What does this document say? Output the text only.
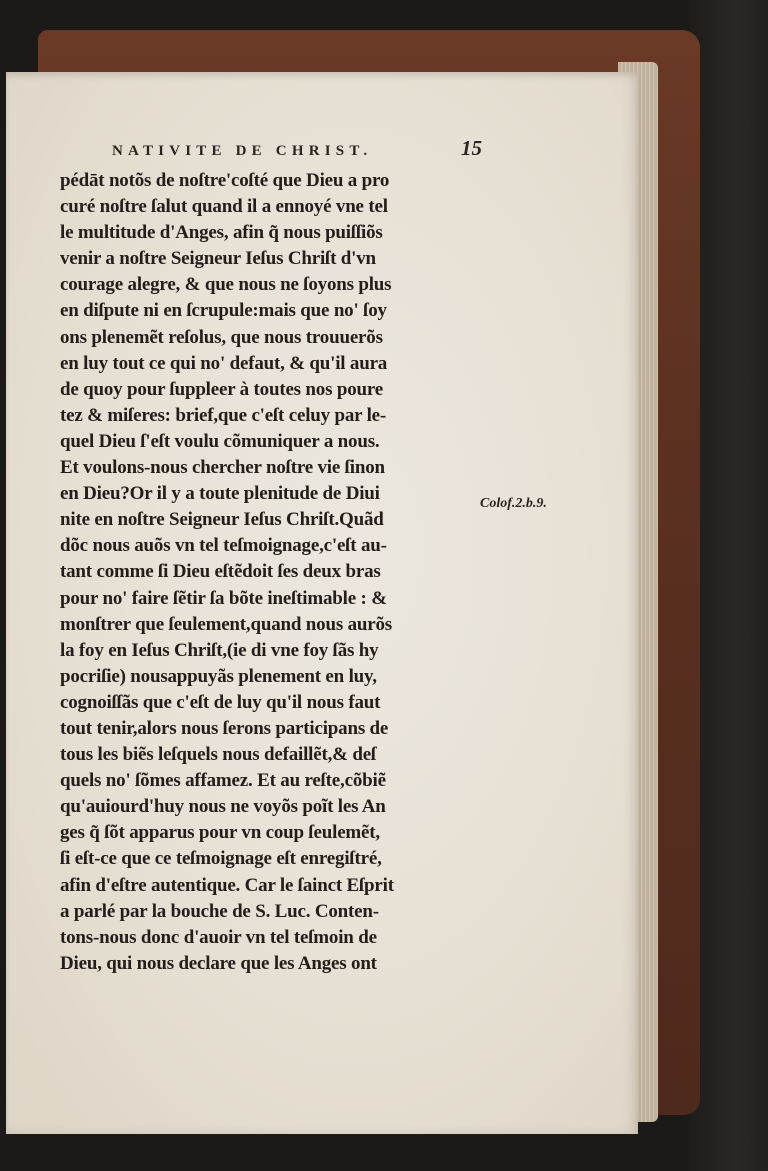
NATIVITE DE CHRIST.	15
pédāt notõs de noſtre'coſté que Dieu a pro
curé noſtre ſalut quand il a ennoyé vne tel
le multitude d'Anges, afin q̃ nous puiſſiõs
venir a noſtre Seigneur Ieſus Chriſt d'vn
courage alegre, & que nous ne ſoyons plus
en diſpute ni en ſcrupule:mais que no' ſoy
ons plenemẽt reſolus, que nous trouuerõs
en luy tout ce qui no' defaut, & qu'il aura
de quoy pour ſuppleer à toutes nos poure
tez & miſeres: brief,que c'eſt celuy par le-
quel Dieu ſ'eſt voulu cõmuniquer a nous.
Et voulons-nous chercher noſtre vie ſinon
en Dieu?Or il y a toute plenitude de Diui
nite en noſtre Seigneur Ieſus Chriſt.Quãd
dõc nous auõs vn tel teſmoignage,c'eſt au-
tant comme ſi Dieu eſtẽdoit ſes deux bras
pour no' faire ſẽtir ſa bõte ineſtimable : &
monſtrer que ſeulement,quand nous aurõs
la foy en Ieſus Chriſt,(ie di vne foy ſãs hy
pocriſie) nousappuyãs plenement en luy,
cognoiſſãs que c'eſt de luy qu'il nous faut
tout tenir,alors nous ſerons participans de
tous les biẽs leſquels nous defaillẽt,& deſ
quels no' ſõmes affamez. Et au reſte,cõbiẽ
qu'auiourd'huy nous ne voyõs poĩt les An
ges q̃ ſõt apparus pour vn coup ſeulemẽt,
ſi eſt-ce que ce teſmoignage eſt enregiſtré,
afin d'eſtre autentique. Car le ſainct Eſprit
a parlé par la bouche de S. Luc. Conten-
tons-nous donc d'auoir vn tel teſmoin de
Dieu, qui nous declare que les Anges ont
Colof.2.b.9.
